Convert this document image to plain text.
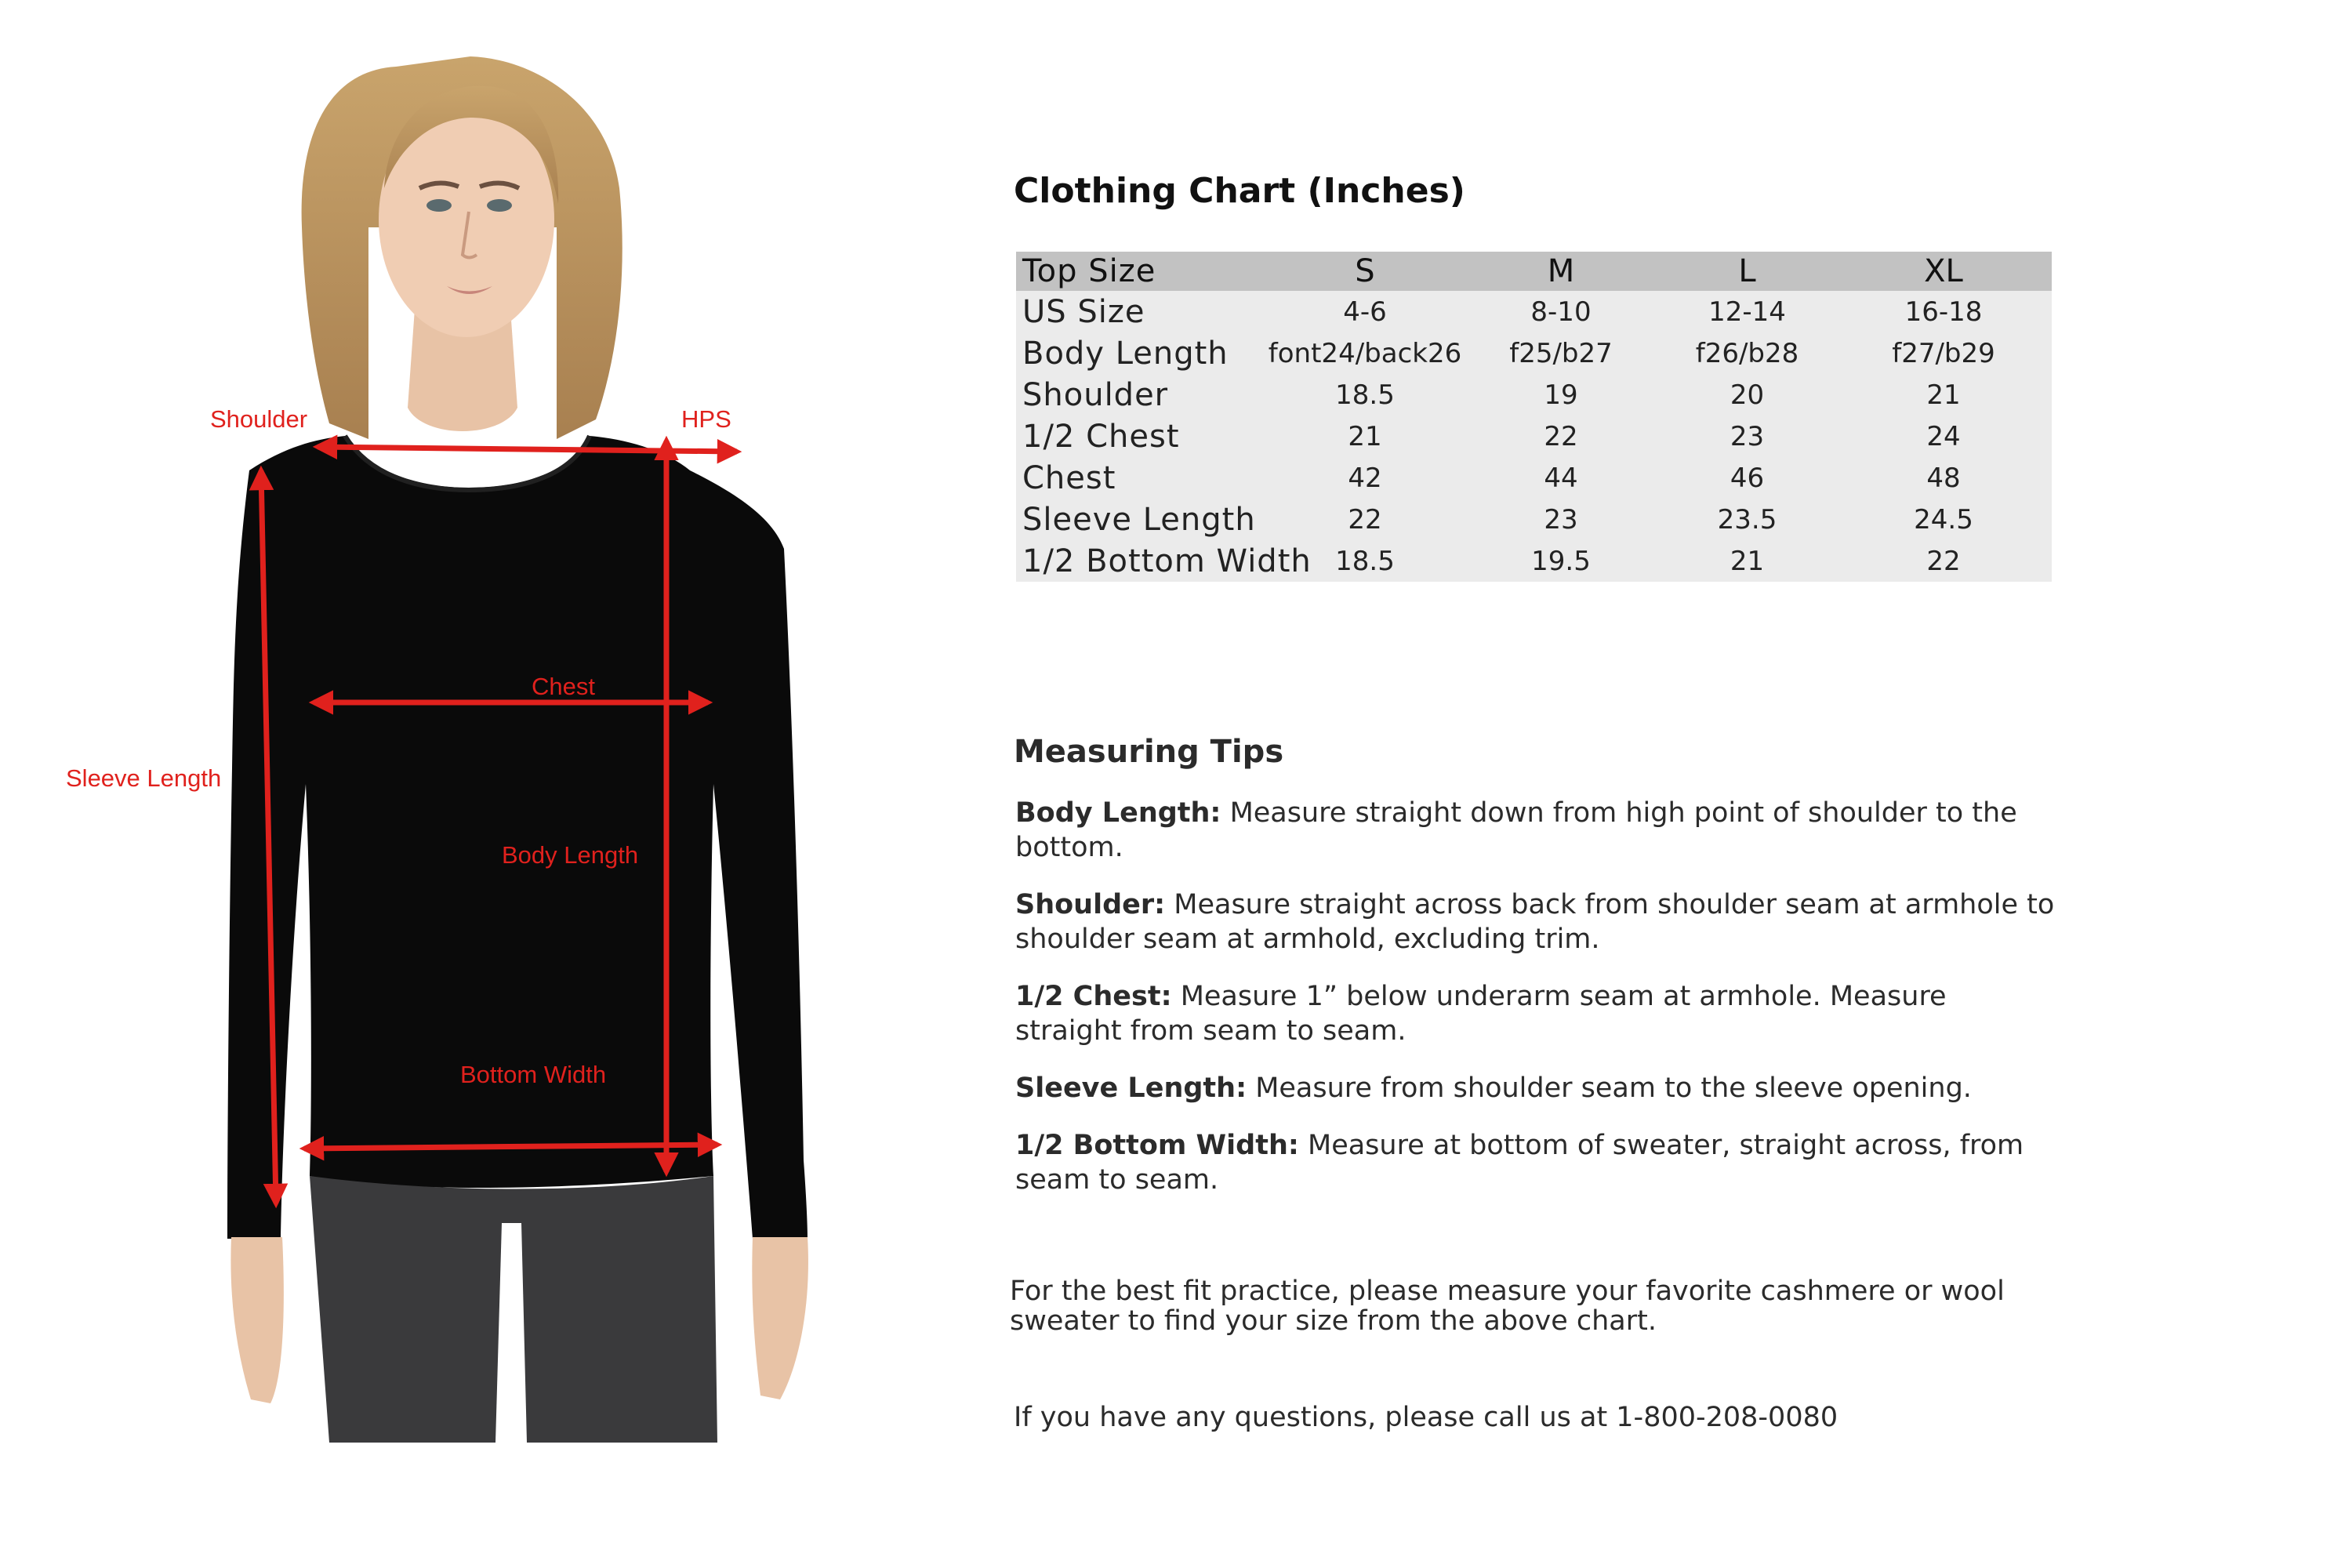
Shoulder	HPS

Chest

Sleeve Length

Body Length

Bottom Width

Clothing Chart (Inches)
Top Size	S	M	L	XL
US Size	4-6	8-10	12-14	16-18
Body Length	font24/back26	f25/b27	f26/b28	f27/b29
Shoulder	18.5	19	20	21
1/2 Chest	21	22	23	24
Chest	42	44	46	48
Sleeve Length	22	23	23.5	24.5
1/2 Bottom Width	18.5	19.5	21	22
Measuring Tips
Body Length: Measure straight down from high point of shoulder to the bottom.
Shoulder: Measure straight across back from shoulder seam at armhole to shoulder seam at armhold, excluding trim.
1/2 Chest: Measure 1” below underarm seam at armhole. Measure straight from seam to seam.
Sleeve Length: Measure from shoulder seam to the sleeve opening.
1/2 Bottom Width: Measure at bottom of sweater, straight across, from seam to seam.

For the best fit practice, please measure your favorite cashmere or wool sweater to find your size from the above chart.

If you have any questions, please call us at 1-800-208-0080
